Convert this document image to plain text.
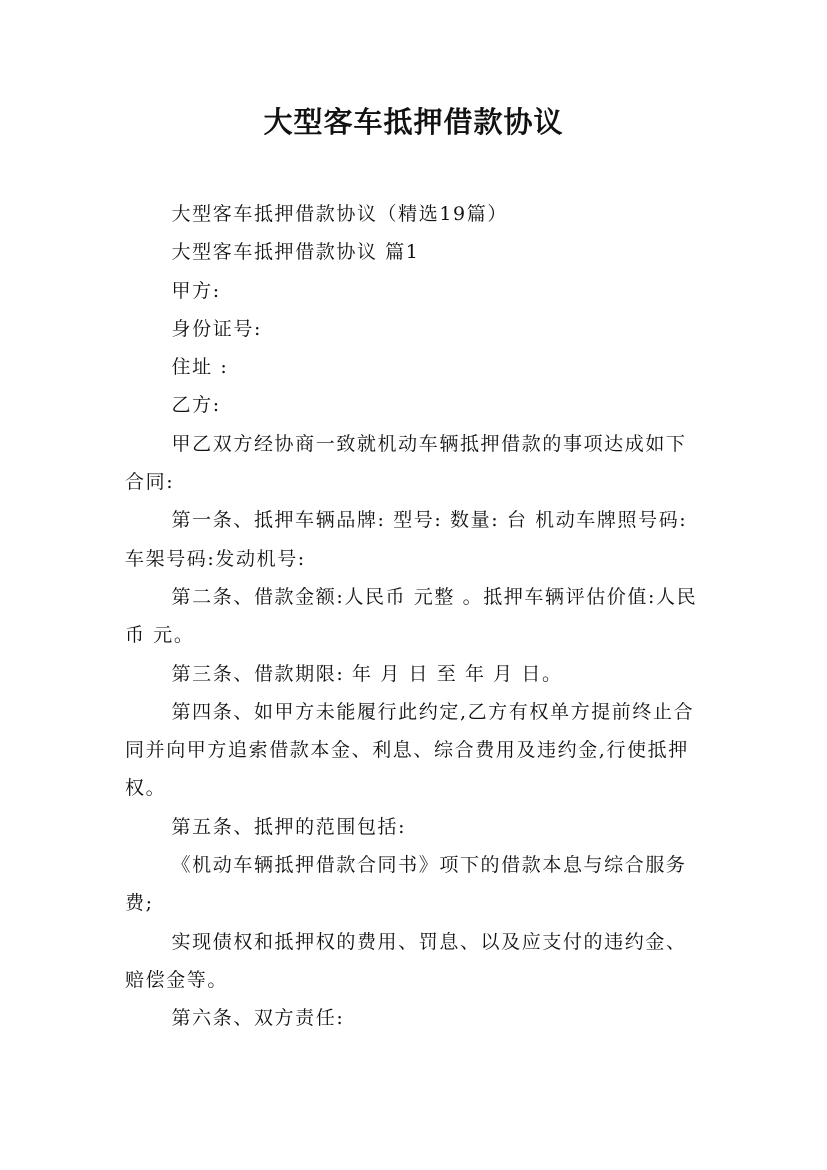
大型客车抵押借款协议

大型客车抵押借款协议（精选19篇）

大型客车抵押借款协议 篇1

甲方:

身份证号:

住址 :

乙方:

甲乙双方经协商一致就机动车辆抵押借款的事项达成如下合同:

第一条、抵押车辆品牌: 型号: 数量: 台 机动车牌照号码: 车架号码:发动机号:

第二条、借款金额:人民币 元整 。抵押车辆评估价值:人民币 元。

第三条、借款期限: 年 月 日 至 年 月 日。

第四条、如甲方未能履行此约定,乙方有权单方提前终止合同并向甲方追索借款本金、利息、综合费用及违约金,行使抵押权。

第五条、抵押的范围包括:

《机动车辆抵押借款合同书》项下的借款本息与综合服务费;

实现债权和抵押权的费用、罚息、以及应支付的违约金、赔偿金等。

第六条、双方责任:
